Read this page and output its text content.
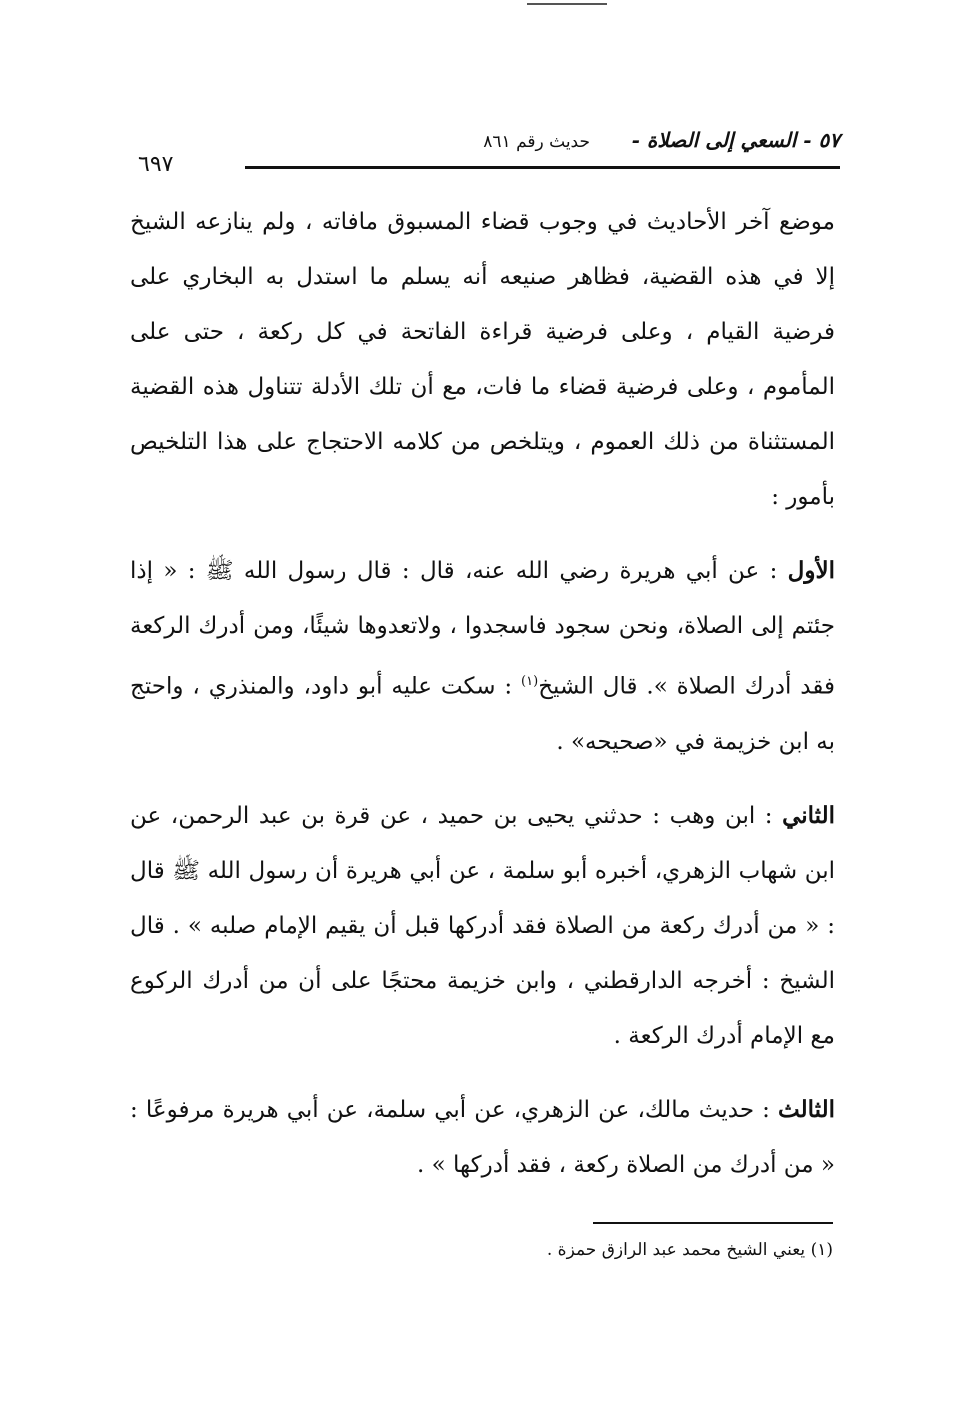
٥٧ - السعي إلى الصلاة -
حديث رقم ٨٦١
٦٩٧

موضع آخر الأحاديث في وجوب قضاء المسبوق مافاته ، ولم ينازعه الشيخ إلا في هذه القضية، فظاهر صنيعه أنه يسلم ما استدل به البخاري على فرضية القيام ، وعلى فرضية قراءة الفاتحة في كل ركعة ، حتى على المأموم ، وعلى فرضية قضاء ما فات، مع أن تلك الأدلة تتناول هذه القضية المستثناة من ذلك العموم ، ويتلخص من كلامه الاحتجاج على هذا التلخيص بأمور :

الأول : عن أبي هريرة رضي الله عنه، قال : قال رسول الله ﷺ : « إذا جئتم إلى الصلاة، ونحن سجود فاسجدوا ، ولاتعدوها شيئًا، ومن أدرك الركعة فقد أدرك الصلاة ». قال الشيخ$^{(١)}$ : سكت عليه أبو داود، والمنذري ، واحتج به ابن خزيمة في «صحيحه» .

الثاني : ابن وهب : حدثني يحيى بن حميد ، عن قرة بن عبد الرحمن، عن ابن شهاب الزهري، أخبره أبو سلمة ، عن أبي هريرة أن رسول الله ﷺ قال : « من أدرك ركعة من الصلاة فقد أدركها قبل أن يقيم الإمام صلبه » . قال الشيخ : أخرجه الدارقطني ، وابن خزيمة محتجًا على أن من أدرك الركوع مع الإمام أدرك الركعة .

الثالث : حديث مالك، عن الزهري، عن أبي سلمة، عن أبي هريرة مرفوعًا : « من أدرك من الصلاة ركعة ، فقد أدركها » .

(١) يعني الشيخ محمد عبد الرازق حمزة .
